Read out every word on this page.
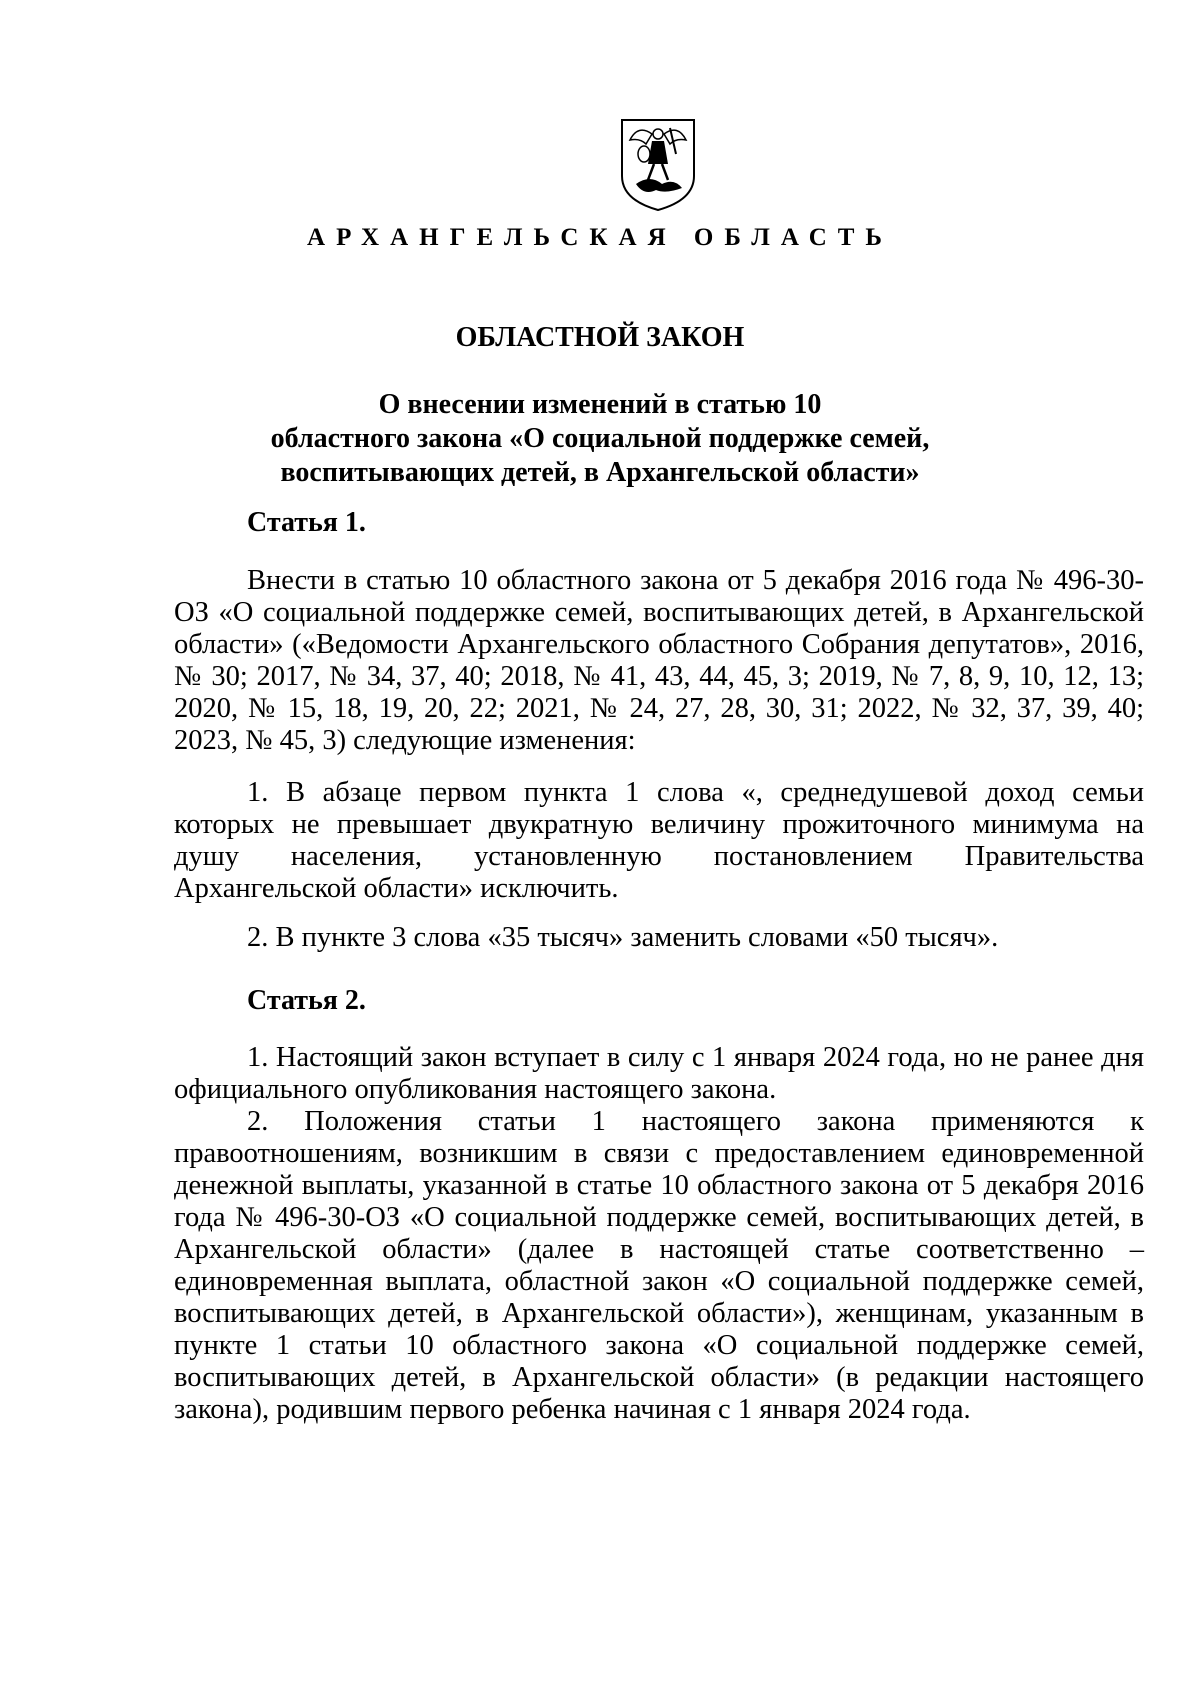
АРХАНГЕЛЬСКАЯ ОБЛАСТЬ
ОБЛАСТНОЙ ЗАКОН
О внесении изменений в статью 10
областного закона «О социальной поддержке семей,
воспитывающих детей, в Архангельской области»
Статья 1.

Внести в статью 10 областного закона от 5 декабря 2016 года № 496-30-ОЗ «О социальной поддержке семей, воспитывающих детей, в Архангельской области» («Ведомости Архангельского областного Собрания депутатов», 2016, № 30; 2017, № 34, 37, 40; 2018, № 41, 43, 44, 45, 3; 2019, № 7, 8, 9, 10, 12, 13; 2020, № 15, 18, 19, 20, 22; 2021, № 24, 27, 28, 30, 31; 2022, № 32, 37, 39, 40; 2023, № 45, 3) следующие изменения:

1. В абзаце первом пункта 1 слова «, среднедушевой доход семьи которых не превышает двукратную величину прожиточного минимума на душу населения, установленную постановлением Правительства Архангельской области» исключить.

2. В пункте 3 слова «35 тысяч» заменить словами «50 тысяч».

Статья 2.

1. Настоящий закон вступает в силу с 1 января 2024 года, но не ранее дня официального опубликования настоящего закона.

2. Положения статьи 1 настоящего закона применяются к правоотношениям, возникшим в связи с предоставлением единовременной денежной выплаты, указанной в статье 10 областного закона от 5 декабря 2016 года № 496-30-ОЗ «О социальной поддержке семей, воспитывающих детей, в Архангельской области» (далее в настоящей статье соответственно – единовременная выплата, областной закон «О социальной поддержке семей, воспитывающих детей, в Архангельской области»), женщинам, указанным в пункте 1 статьи 10 областного закона «О социальной поддержке семей, воспитывающих детей, в Архангельской области» (в редакции настоящего закона), родившим первого ребенка начиная с 1 января 2024 года.
